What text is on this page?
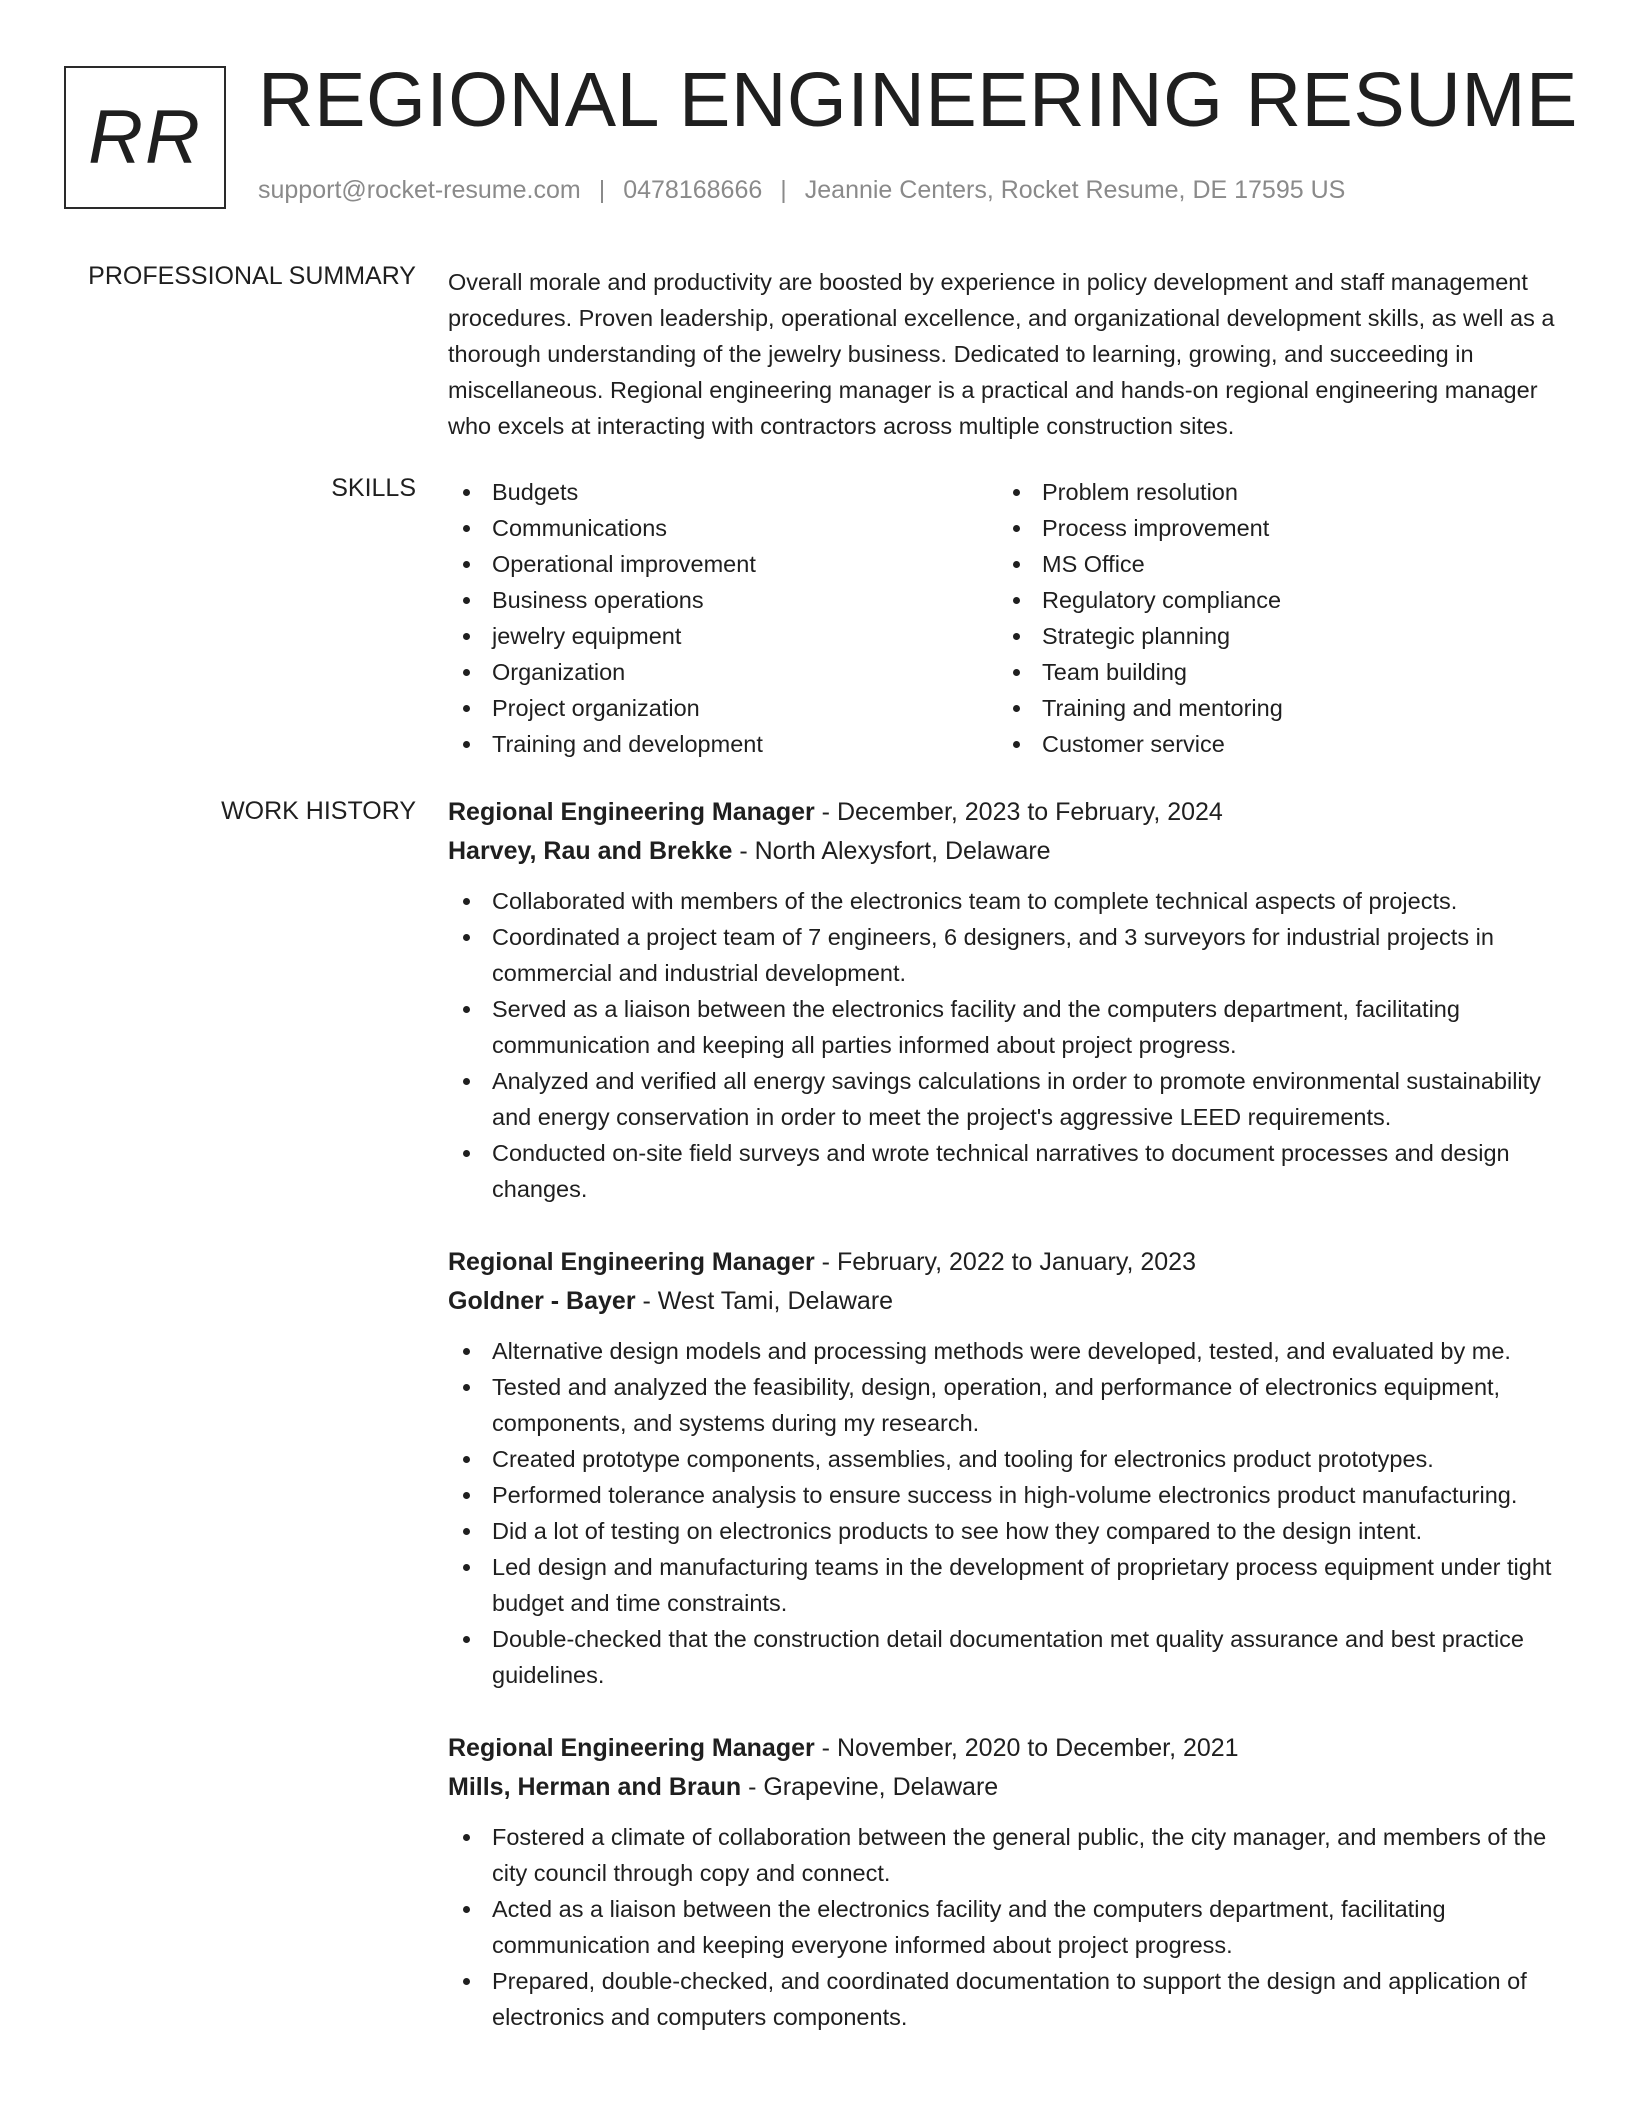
RR REGIONAL ENGINEERING RESUME
support@rocket-resume.com | 0478168666 | Jeannie Centers, Rocket Resume, DE 17595 US
PROFESSIONAL SUMMARY Overall morale and productivity are boosted by experience in policy development and staff management procedures. Proven leadership, operational excellence, and organizational development skills, as well as a thorough understanding of the jewelry business. Dedicated to learning, growing, and succeeding in miscellaneous. Regional engineering manager is a practical and hands-on regional engineering manager who excels at interacting with contractors across multiple construction sites.

SKILLS	Budgets
Communications
Operational improvement
Business operations
jewelry equipment
Organization
Project organization
Training and development
Problem resolution
Process improvement
MS Office
Regulatory compliance
Strategic planning
Team building
Training and mentoring
Customer service
WORK HISTORY Regional Engineering Manager - December, 2023 to February, 2024
Harvey, Rau and Brekke - North Alexysfort, Delaware
Collaborated with members of the electronics team to complete technical aspects of projects.
Coordinated a project team of 7 engineers, 6 designers, and 3 surveyors for industrial projects in commercial and industrial development.
Served as a liaison between the electronics facility and the computers department, facilitating communication and keeping all parties informed about project progress.
Analyzed and verified all energy savings calculations in order to promote environmental sustainability and energy conservation in order to meet the project's aggressive LEED requirements.
Conducted on-site field surveys and wrote technical narratives to document processes and design changes.
Regional Engineering Manager - February, 2022 to January, 2023
Goldner - Bayer - West Tami, Delaware
Alternative design models and processing methods were developed, tested, and evaluated by me.
Tested and analyzed the feasibility, design, operation, and performance of electronics equipment, components, and systems during my research.
Created prototype components, assemblies, and tooling for electronics product prototypes.
Performed tolerance analysis to ensure success in high-volume electronics product manufacturing.
Did a lot of testing on electronics products to see how they compared to the design intent.
Led design and manufacturing teams in the development of proprietary process equipment under tight budget and time constraints.
Double-checked that the construction detail documentation met quality assurance and best practice guidelines.
Regional Engineering Manager - November, 2020 to December, 2021
Mills, Herman and Braun - Grapevine, Delaware
Fostered a climate of collaboration between the general public, the city manager, and members of the city council through copy and connect.
Acted as a liaison between the electronics facility and the computers department, facilitating communication and keeping everyone informed about project progress.
Prepared, double-checked, and coordinated documentation to support the design and application of electronics and computers components.
